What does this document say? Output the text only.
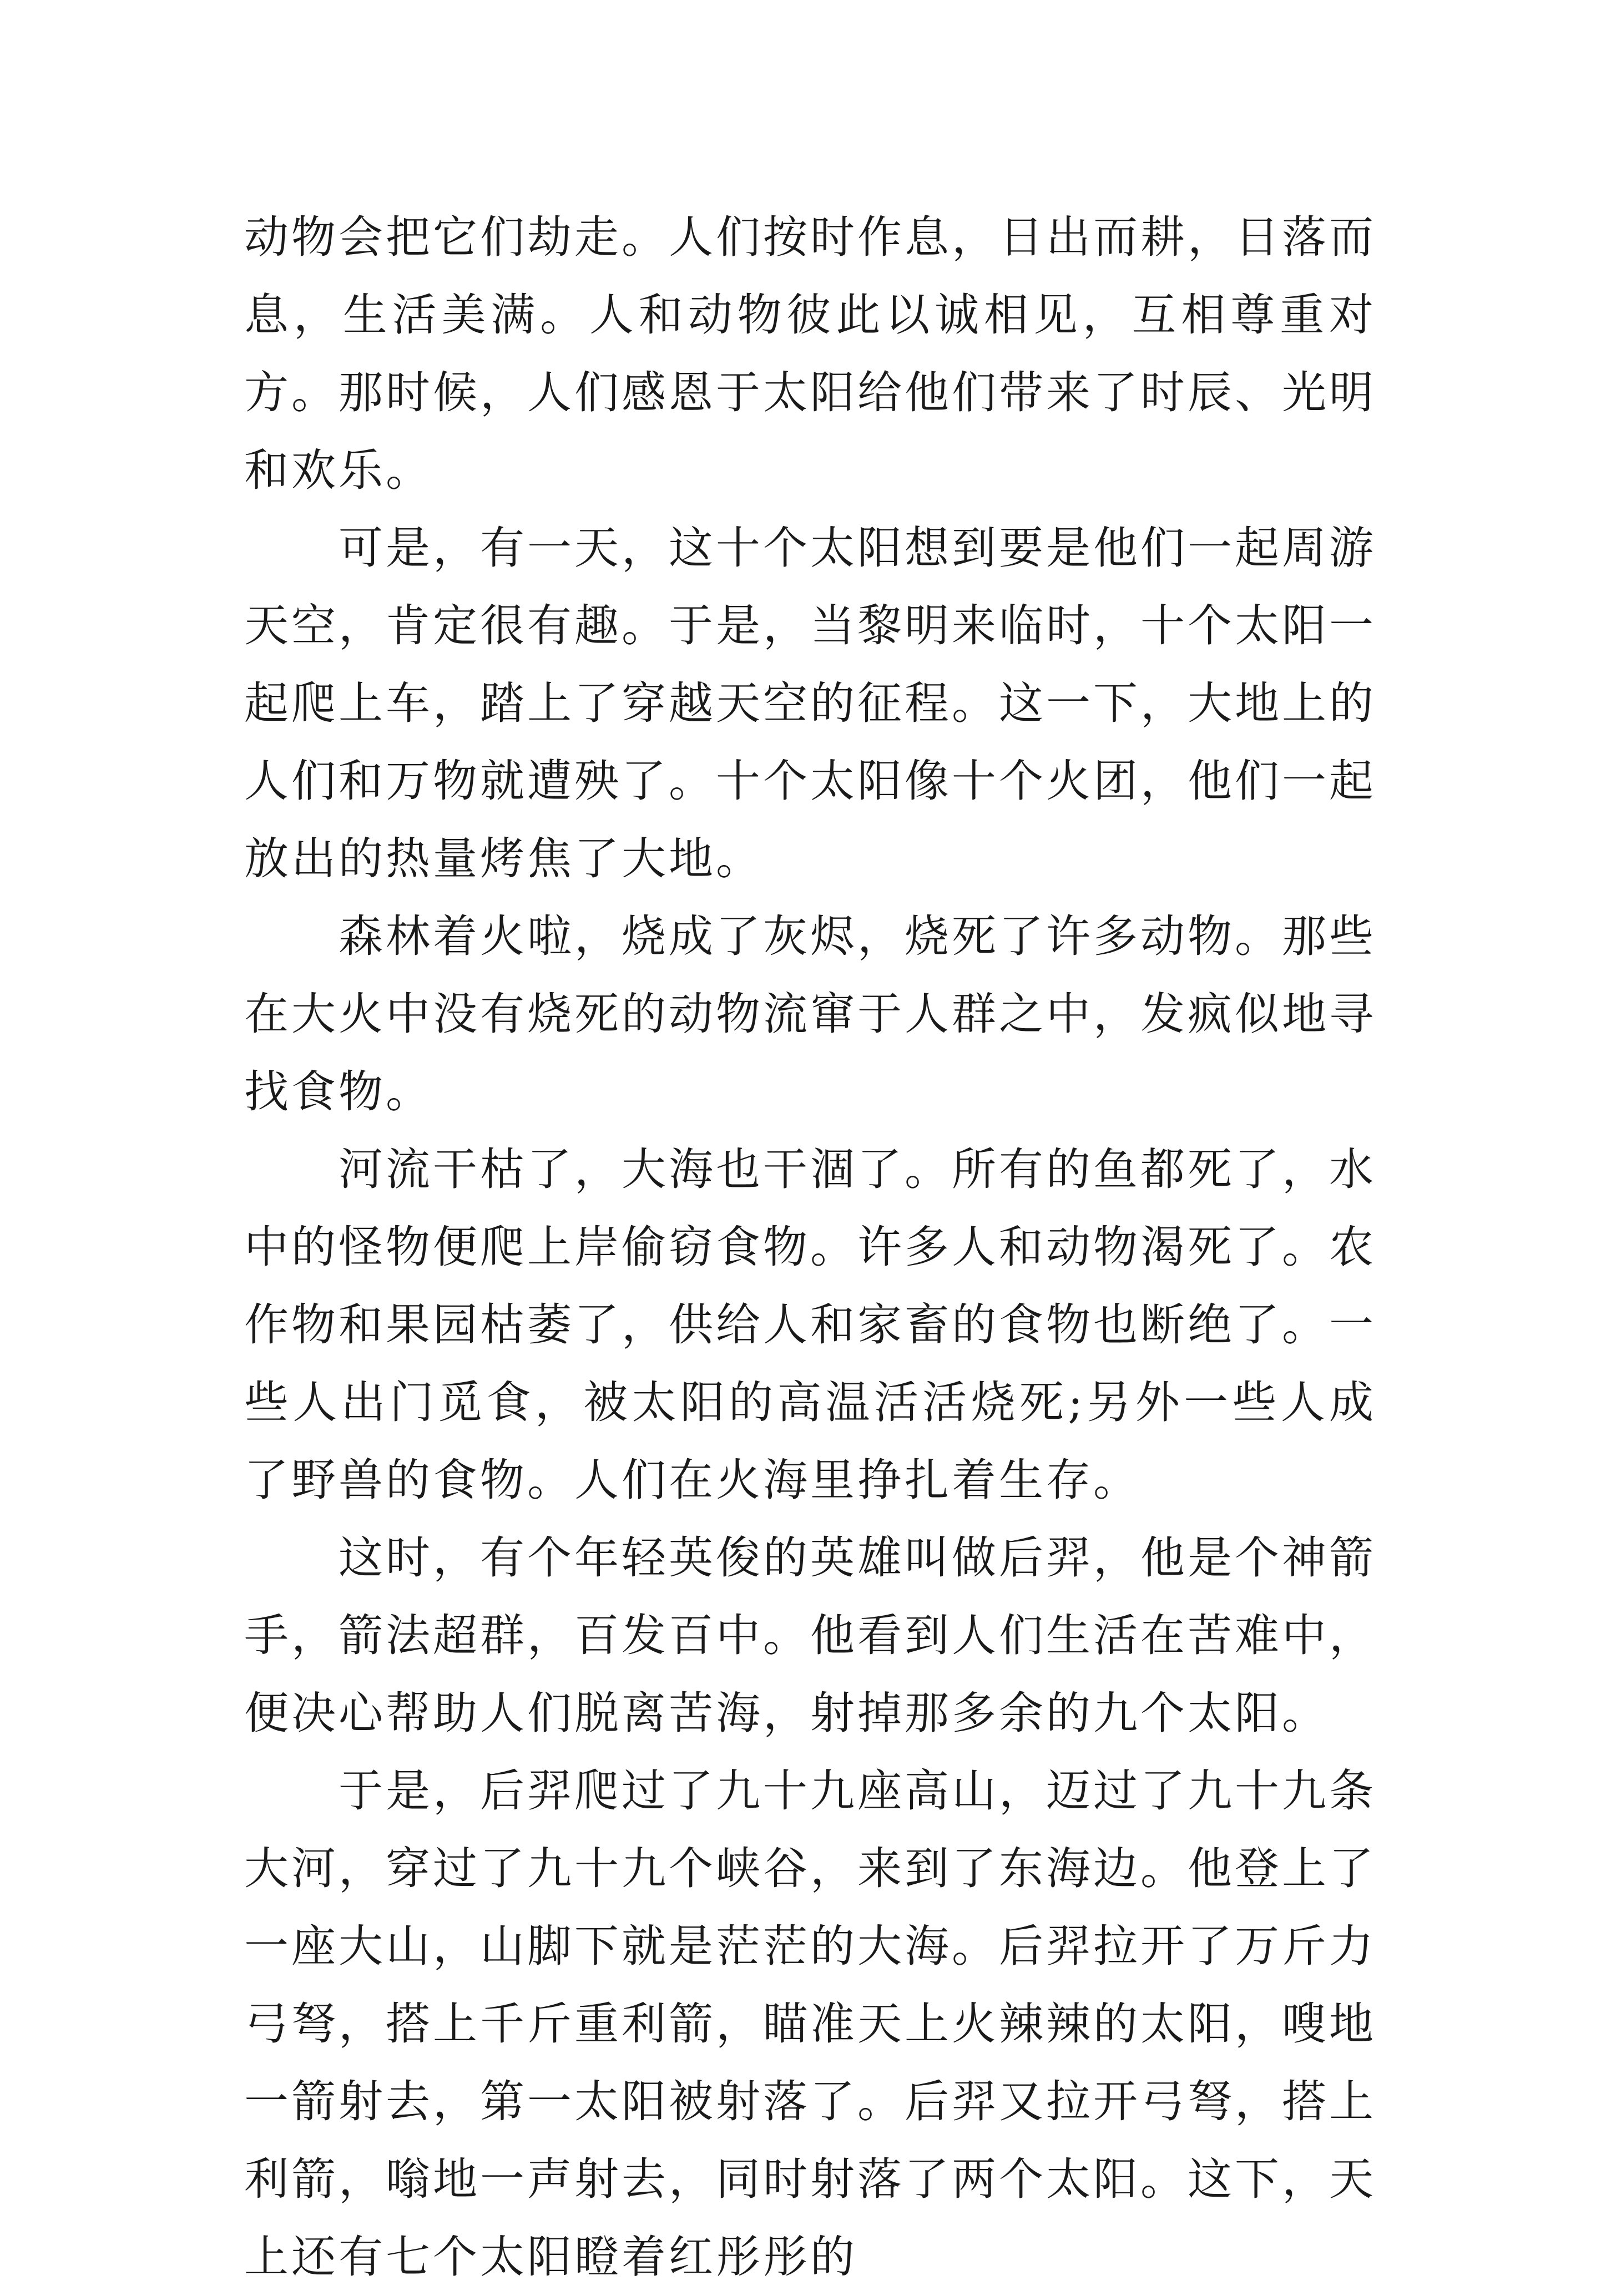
动物会把它们劫走。人们按时作息，日出而耕，日落而息，生活美满。人和动物彼此以诚相见，互相尊重对方。那时候，人们感恩于太阳给他们带来了时辰、光明和欢乐。

可是，有一天，这十个太阳想到要是他们一起周游天空，肯定很有趣。于是，当黎明来临时，十个太阳一起爬上车，踏上了穿越天空的征程。这一下，大地上的人们和万物就遭殃了。十个太阳像十个火团，他们一起放出的热量烤焦了大地。

森林着火啦，烧成了灰烬，烧死了许多动物。那些在大火中没有烧死的动物流窜于人群之中，发疯似地寻找食物。

河流干枯了，大海也干涸了。所有的鱼都死了，水中的怪物便爬上岸偷窃食物。许多人和动物渴死了。农作物和果园枯萎了，供给人和家畜的食物也断绝了。一些人出门觅食，被太阳的高温活活烧死;另外一些人成了野兽的食物。人们在火海里挣扎着生存。

这时，有个年轻英俊的英雄叫做后羿，他是个神箭手，箭法超群，百发百中。他看到人们生活在苦难中，便决心帮助人们脱离苦海，射掉那多余的九个太阳。

于是，后羿爬过了九十九座高山，迈过了九十九条大河，穿过了九十九个峡谷，来到了东海边。他登上了一座大山，山脚下就是茫茫的大海。后羿拉开了万斤力弓弩，搭上千斤重利箭，瞄准天上火辣辣的太阳，嗖地一箭射去，第一太阳被射落了。后羿又拉开弓弩，搭上利箭，嗡地一声射去，同时射落了两个太阳。这下，天上还有七个太阳瞪着红彤彤的
